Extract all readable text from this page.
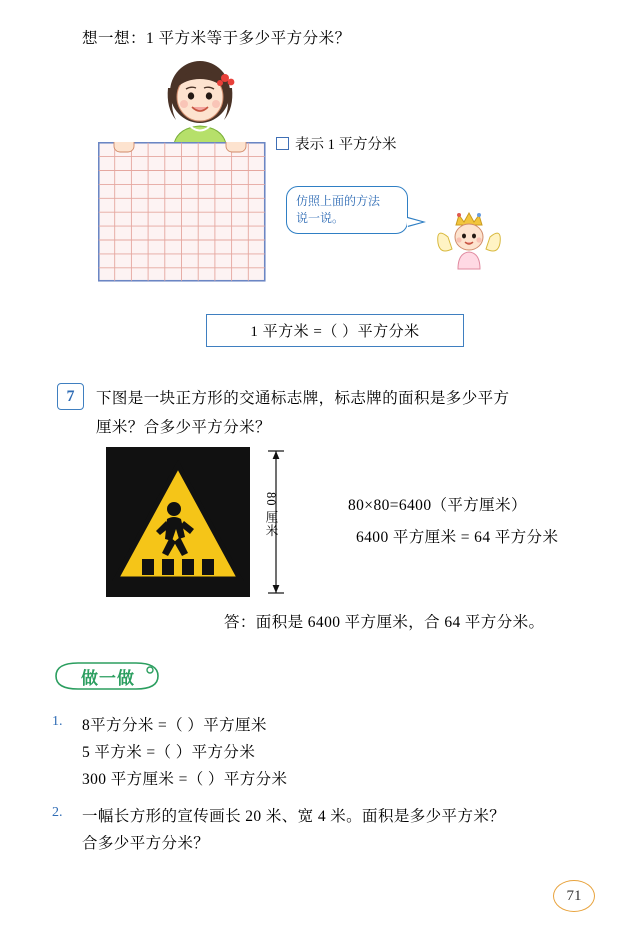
想一想：1 平方米等于多少平方分米？
表示 1 平方分米
仿照上面的方法
说一说。
1 平方米 =（ ）平方分米
7	下图是一块正方形的交通标志牌，标志牌的面积是多少平方
厘米？合多少平方分米？
80 厘米	80×80=6400（平方厘米）
6400 平方厘米 = 64 平方分米
答：面积是 6400 平方厘米，合 64 平方分米。
做一做
1. 8平方分米 =（ ）平方厘米
5 平方米 =（ ）平方分米
300 平方厘米 =（ ）平方分米
2. 一幅长方形的宣传画长 20 米、宽 4 米。面积是多少平方米？
合多少平方分米？
71
